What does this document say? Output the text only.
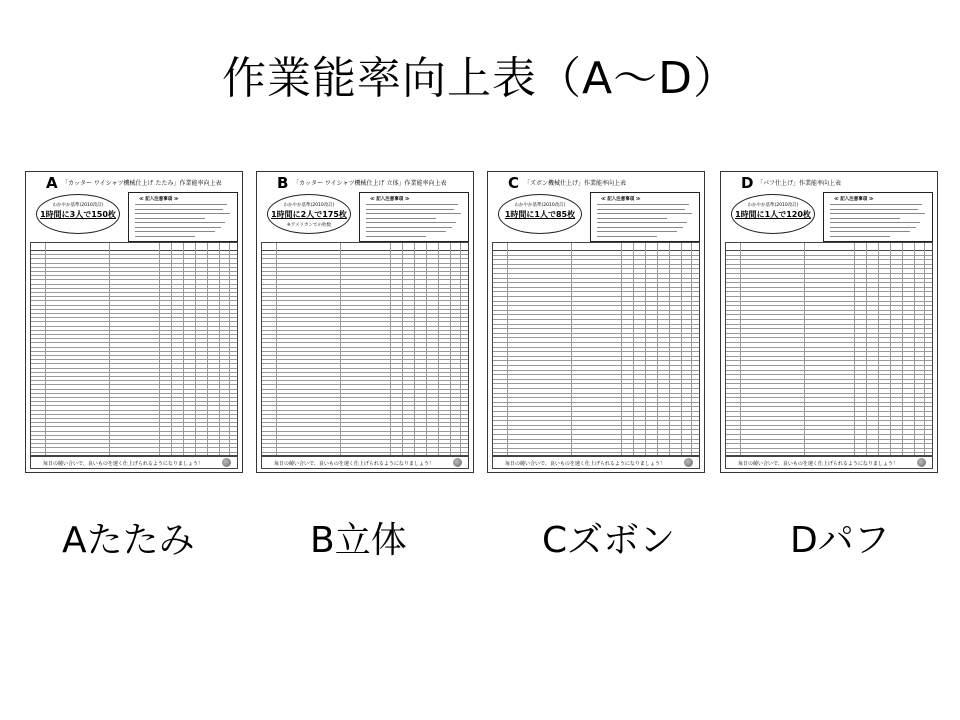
作業能率向上表（A～D）
A 「カッター ワイシャツ機械仕上げ たたみ」作業能率向上表
わかやか基準(2010改訂)
1時間に3人で150枚
≪ 記入注意事項 ≫
毎日の競い合いで、良いものを速く仕上げられるようになりましょう！
B 「カッター ワイシャツ機械仕上げ 立体」作業能率向上表
わかやか基準(2010改訂)
1時間に2人で175枚
※アメリカンでの枚数
≪ 記入注意事項 ≫
毎日の競い合いで、良いものを速く仕上げられるようになりましょう！
C 「ズボン機械仕上げ」作業能率向上表
わかやか基準(2010改訂)
1時間に1人で85枚
≪ 記入注意事項 ≫
毎日の競い合いで、良いものを速く仕上げられるようになりましょう！
D 「パフ仕上げ」作業能率向上表
わかやか基準(2010改訂)
1時間に1人で120枚
≪ 記入注意事項 ≫
毎日の競い合いで、良いものを速く仕上げられるようになりましょう！
Aたたみ	B立体	Cズボン	Dパフ
